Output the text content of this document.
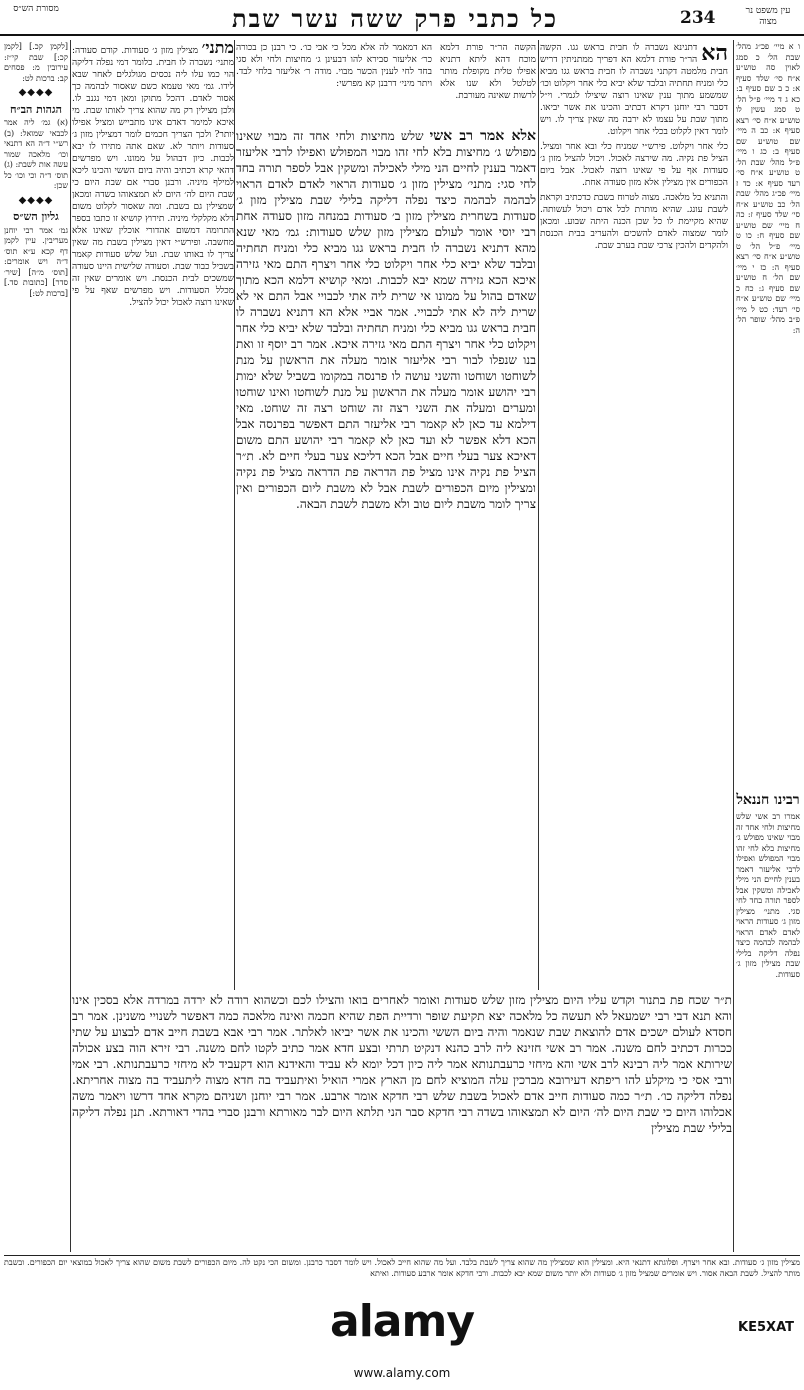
מסורת הש״ס	כל כתבי פרק ששה עשר שבת	234	עין משפט נר מצוה

ו א מיי׳ פכ״ג מהל׳ שבת הל׳ כ סמג לאוין סה טוש״ע א״ח סי׳ שלד סעיף א: כ ב שם סעיף ב: כא ג ד מיי׳ פ״ל הל׳ ט סמג עשין לו טוש״ע א״ח סי׳ רצא סעיף א: כב ה מיי׳ שם טוש״ע שם סעיף ב: כג ו מיי׳ פ״ל מהל׳ שבת הל׳ ט טוש״ע א״ח סי׳ רעד סעיף א: כד ז מיי׳ פכ״ג מהל׳ שבת הל׳ כב טוש״ע א״ח סי׳ שלד סעיף ז: כה ח מיי׳ שם טוש״ע שם סעיף ח: כו ט מיי׳ פ״ל הל׳ ט טוש״ע א״ח סי׳ רצא סעיף ה: כז י מיי׳ שם הל׳ ח טוש״ע שם סעיף ג: כח כ מיי׳ שם טוש״ע א״ח סי׳ רעד: כט ל מיי׳ פ״ב מהל׳ שופר הל׳ ה:

רבינו חננאל

אמרו רב אשי שלש מחיצות ולחי אחד זה מבוי שאינו מפולש ג׳ מחיצות בלא לחי זהו מבוי המפולש ואפילו לרבי אליעזר דאמר בענין לחיים הני מילי לאכילה ומשקין אבל לספר תורה בחד לחי סגי. מתני׳ מצילין מזון ג׳ סעודות הראוי לאדם לאדם הראוי לבהמה לבהמה כיצד נפלה דליקה בלילי שבת מצילין מזון ג׳ סעודות.

הא

דתנינא נשברה לו חבית בראש גגו. הקשה הר״ר פורת דלמא הא דפריך ממתניתין דריש חבית מלמטה דקתני נשברה לו חבית בראש גגו מביא כלי ומניח תחתיה ובלבד שלא יביא כלי אחר ויקלוט וכו׳ שמשמע מתוך ענין שאינו רוצה שיצילו לגמרי. וי״ל דסבר רבי יוחנן דקרא דכתיב והכינו את אשר יביאו. מתוך שבת על עצמו לא ירבה מה שאין צריך לו. ויש לומר דאין לקלוט בכלי אחר ויקלוט.

כלי אחר ויקלוט. פירש״י שמניח כלי ובא אחר ומציל. הציל פת נקיה. מה שירצה לאכול. ויכול להציל מזון ג׳ סעודות אף על פי שאינו רוצה לאכול. אבל ביום הכפורים אין מצילין אלא מזון סעודה אחת.

והתניא כל מלאכה. מצוה לטרוח בשבת כדכתיב וקראת לשבת עונג. שהיא מותרת לכל אדם ויכול לעשותה. שהיא מקיימת לו כל שכן הכנה היתה שבוע. ומכאן לומר שמצוה לאדם להשכים ולהעריב בבית הכנסת ולהקדים ולהכין צרכי שבת בערב שבת.

הקשה הר״ר פורת דלמא מוכח דהא ליתא דתניא אפילו טלית מקופלת מותר לטלטל ולא שנו אלא לרשות שאינה מעורבת.

הא דמאמר לה אלא מכל כי אבי כו׳. כי רבנן כן בכורה כר׳ אליעזר סבירא להו דבעינן ג׳ מחיצות ולחי ולא סגי בחד לחי לענין הכשר מבוי. מודה ר׳ אליעזר בלחי לבד. ויתר מיני׳ דרבנן קא מפרשי:

אלא אמר רב אשי שלש מחיצות ולחי אחד זה מבוי שאינו מפולש ג׳ מחיצות בלא לחי זהו מבוי המפולש ואפילו לרבי אליעזר דאמר בענין לחיים הני מילי לאכילה ומשקין אבל לספר תורה בחד לחי סגי: מתני׳ מצילין מזון ג׳ סעודות הראוי לאדם לאדם הראוי לבהמה לבהמה כיצד נפלה דליקה בלילי שבת מצילין מזון ג׳ סעודות בשחרית מצילין מזון ב׳ סעודות במנחה מזון סעודה אחת רבי יוסי אומר לעולם מצילין מזון שלש סעודות: גמ׳ מאי שנא מהא דתניא נשברה לו חבית בראש גגו מביא כלי ומניח תחתיה ובלבד שלא יביא כלי אחר ויקלוט כלי אחר ויצרף התם מאי גזירה איכא הכא גזירה שמא יבא לכבות. ומאי קושיא דלמא הכא מתוך שאדם בהול על ממונו אי שרית ליה אתי לכבויי אבל התם אי לא שרית ליה לא אתי לכבויי. אמר אביי אלא הא דתניא נשברה לו חבית בראש גגו מביא כלי ומניח תחתיה ובלבד שלא יביא כלי אחר ויקלוט כלי אחר ויצרף התם מאי גזירה איכא. אמר רב יוסף זו ואת בנו שנפלו לבור רבי אליעזר אומר מעלה את הראשון על מנת לשוחטו ושוחטו והשני עושה לו פרנסה במקומו בשביל שלא ימות רבי יהושע אומר מעלה את הראשון על מנת לשוחטו ואינו שוחטו ומערים ומעלה את השני רצה זה שוחט רצה זה שוחט. מאי דילמא עד כאן לא קאמר רבי אליעזר התם דאפשר בפרנסה אבל הכא דלא אפשר לא ועד כאן לא קאמר רבי יהושע התם משום דאיכא צער בעלי חיים אבל הכא דליכא צער בעלי חיים לא. ת״ר הציל פת נקיה אינו מציל פת הדראה פת הדראה מציל פת נקיה ומצילין מיום הכפורים לשבת אבל לא משבת ליום הכפורים ואין צריך לומר משבת ליום טוב ולא משבת לשבת הבאה.

מתני׳ מצילין מזון ג׳ סעודות. קודם סעודה: מתני׳ נשברה לו חבית. כלומר דמי נפלה דליקה הוי כמו עלו ליה נכסים מגולגלים לאחר שבא לידו. גמ׳ מאי טעמא כשם שאסור לבהמה כך אסור לאדם. דהכל מתוקן ומאן דמי נגנב לו. ולכן מצילין רק מה שהוא צריך לאותו שבת. מי איכא למימר דאדם אינו מתבייש ומציל אפילו יותר? ולכך הצריך חכמים לומר דמצילין מזון ג׳ סעודות ויותר לא. שאם אתה מתירו לו יבא לכבות. כיון דבהול על ממונו. ויש מפרשים דהאי קרא דכתיב והיה ביום הששי והכינו ליכא למילף מיניה. ורבנן סברי אם שבת היום כי שבת היום לה׳ היום לא תמצאוהו בשדה ומכאן שמצילין גם בשבת. ומה שאסור לקלוט משום דלא מקלקלי מיניה. תירוץ קושיא זו כתבו בספר התרומה דמשום אהדורי אוכלין שאינו אלא מחשבה. ופירש״י דאין מצילין בשבת מה שאין צריך לו באותו שבת. ועל שלש סעודות קאמר בשביל כבוד שבת. וסעודה שלישית היינו סעודה שמשכים לבית הכנסת. ויש אומרים שאין זה מכלל הסעודות. ויש מפרשים שאף על פי שאינו רוצה לאכול יכול להציל.

[לקמן קכ.] [לקמן קכ:] שבת קי״ז: עירובין מ: פסחים קב: ברכות לט:

◆◆◆◆
הגהות הב״ח

(א) גמ׳ ליה אמר לכבאי שמואל: (ב) רש״י ד״ה הא דתנאי וכו׳ מלאכה שמור עשה אות לשבת: (ג) תוס׳ ד״ה וכי וכו׳ כל שכן:

◆◆◆◆
גליון הש״ס

גמ׳ אמר רבי יוחנן מעריבין. עיין לקמן דף קכא ע״א תוס׳ ד״ה ויש אומרים: [תוס׳ מ״ה] [שיר׳ סדר] [כתובות סד.] [ברכות לט:]

ת״ר שכח פת בתנור וקדש עליו היום מצילין מזון שלש סעודות ואומר לאחרים בואו והצילו לכם וכשהוא רודה לא ירדה במרדה אלא בסכין אינו והא תנא דבי רבי ישמעאל לא תעשה כל מלאכה יצא תקיעת שופר ורדיית הפת שהיא חכמה ואינה מלאכה כמה דאפשר לשנויי משנינן. אמר רב חסדא לעולם ישכים אדם להוצאת שבת שנאמר והיה ביום הששי והכינו את אשר יביאו לאלתר. אמר רבי אבא בשבת חייב אדם לבצוע על שתי ככרות דכתיב לחם משנה. אמר רב אשי חזינא ליה לרב כהנא דנקיט תרתי ובצע חדא אמר כתיב לקטו לחם משנה. רבי זירא הוה בצע אכולה שירותא אמר ליה רבינא לרב אשי והא מיחזי כרעבתנותא אמר ליה כיון דכל יומא לא עביד והאידנא הוא דקעביד לא מיחזי כרעבתנותא. רבי אמי ורבי אסי כי מיקלע להו ריפתא דעירובא מברכין עלה המוציא לחם מן הארץ אמרי הואיל ואיתעביד בה חדא מצוה ליתעביד בה מצוה אחריתא. נפלה דליקה כו׳. ת״ר כמה סעודות חייב אדם לאכול בשבת שלש רבי חדקא אומר ארבע. אמר רבי יוחנן ושניהם מקרא אחד דרשו ויאמר משה אכלוהו היום כי שבת היום לה׳ היום לא תמצאוהו בשדה רבי חדקא סבר הני תלתא היום לבר מאורתא ורבנן סברי בהדי דאורתא. תנן נפלה דליקה בלילי שבת מצילין

מצילין מזון ג׳ סעודות. ובא אחר ויצרף. ופלוגתא דתנאי היא. ומצילין הוא שמצילין מה שהוא צריך לשבת בלבד. ועל מה שהוא חייב לאכול. ויש לומר דסבר כרבנן. ומשום הכי נקט לה. מיום הכפורים לשבת משום שהוא צריך לאכול במוצאי יום הכפורים. ובשבת מותר להציל. לשבת הבאה אסור. ויש אומרים שמציל מזון ג׳ סעודות ולא יותר משום שמא יבא לכבות. ורבי חדקא אומר ארבע סעודות. ואיתא

alamy	KE5XAT
www.alamy.com
